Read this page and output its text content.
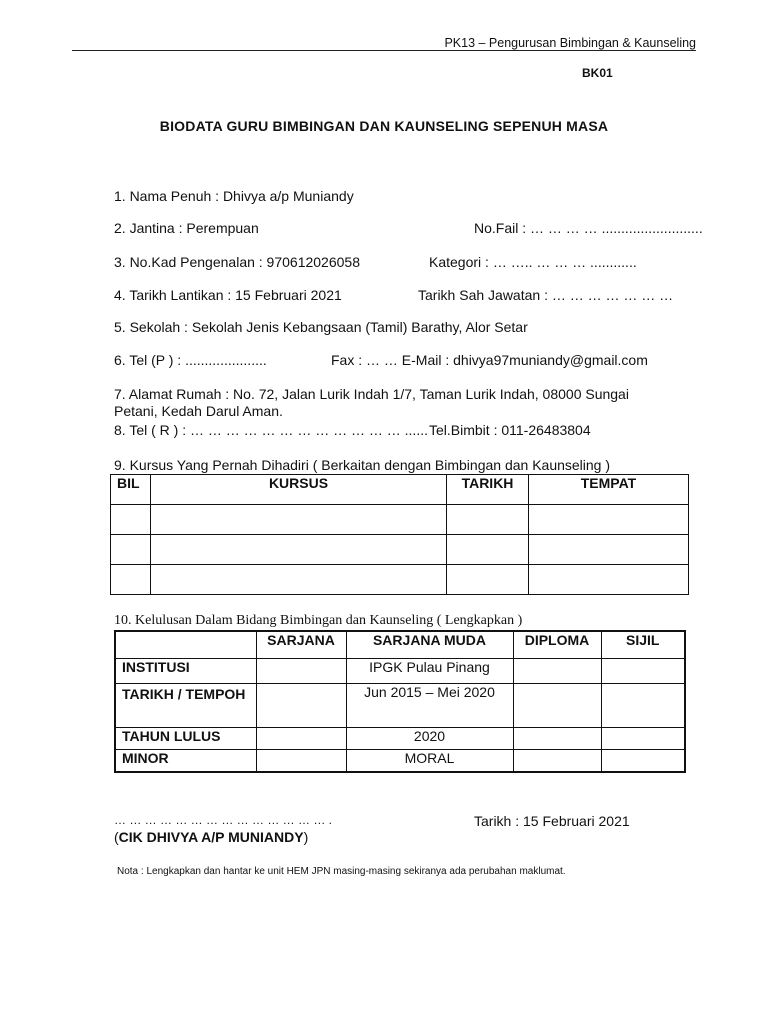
PK13 – Pengurusan Bimbingan & Kaunseling
BK01
BIODATA GURU BIMBINGAN DAN KAUNSELING SEPENUH MASA
1. Nama Penuh : Dhivya a/p Muniandy
2. Jantina : Perempuan	No.Fail : … … … … ..........................
3. No.Kad Pengenalan : 970612026058	Kategori : … ….. … … … ............
4. Tarikh Lantikan : 15 Februari 2021	Tarikh Sah Jawatan : … … … … … … …
5. Sekolah : Sekolah Jenis Kebangsaan (Tamil) Barathy, Alor Setar
6. Tel (P ) : .....................	Fax : … … E-Mail : dhivya97muniandy@gmail.com
7. Alamat Rumah : No. 72, Jalan Lurik Indah 1/7, Taman Lurik Indah, 08000 Sungai
Petani, Kedah Darul Aman.
8. Tel ( R ) : … … … … … … … … … … … … ...... Tel.Bimbit : 011-26483804
9. Kursus Yang Pernah Dihadiri ( Berkaitan dengan Bimbingan dan Kaunseling )
BIL	KURSUS	TARIKH	TEMPAT

10. Kelulusan Dalam Bidang Bimbingan dan Kaunseling ( Lengkapkan )
	SARJANA	SARJANA MUDA	DIPLOMA	SIJIL
INSTITUSI		IPGK Pulau Pinang		
TARIKH / TEMPOH		Jun 2015 – Mei 2020		
TAHUN LULUS		2020		
MINOR		MORAL		
… … … … … … … … … … … … … … .
(CIK DHIVYA A/P MUNIANDY)
Tarikh : 15 Februari 2021
Nota : Lengkapkan dan hantar ke unit HEM JPN masing-masing sekiranya ada perubahan maklumat.
